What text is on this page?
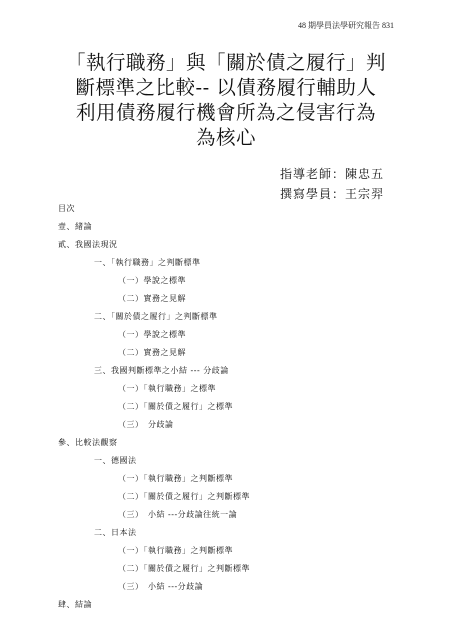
48 期學員法學研究報告 831
「執行職務」與「關於債之履行」判
斷標準之比較-- 以債務履行輔助人
利用債務履行機會所為之侵害行為
為核心
指導老師：陳忠五
撰寫學員：王宗羿
目次
壹、緒論
貳、我國法現況
一、「執行職務」之判斷標準
（一）學說之標準
（二）實務之見解
二、「關於債之履行」之判斷標準
（一）學說之標準
（二）實務之見解
三、我國判斷標準之小結 --- 分歧論
（一）「執行職務」之標準
（二）「關於債之履行」之標準
（三）　分歧論
參、比較法觀察
一、德國法
（一）「執行職務」之判斷標準
（二）「關於債之履行」之判斷標準
（三）　小結 ---分歧論往統一論
二、日本法
（一）「執行職務」之判斷標準
（二）「關於債之履行」之判斷標準
（三）　小結 ---分歧論
肆、結論
